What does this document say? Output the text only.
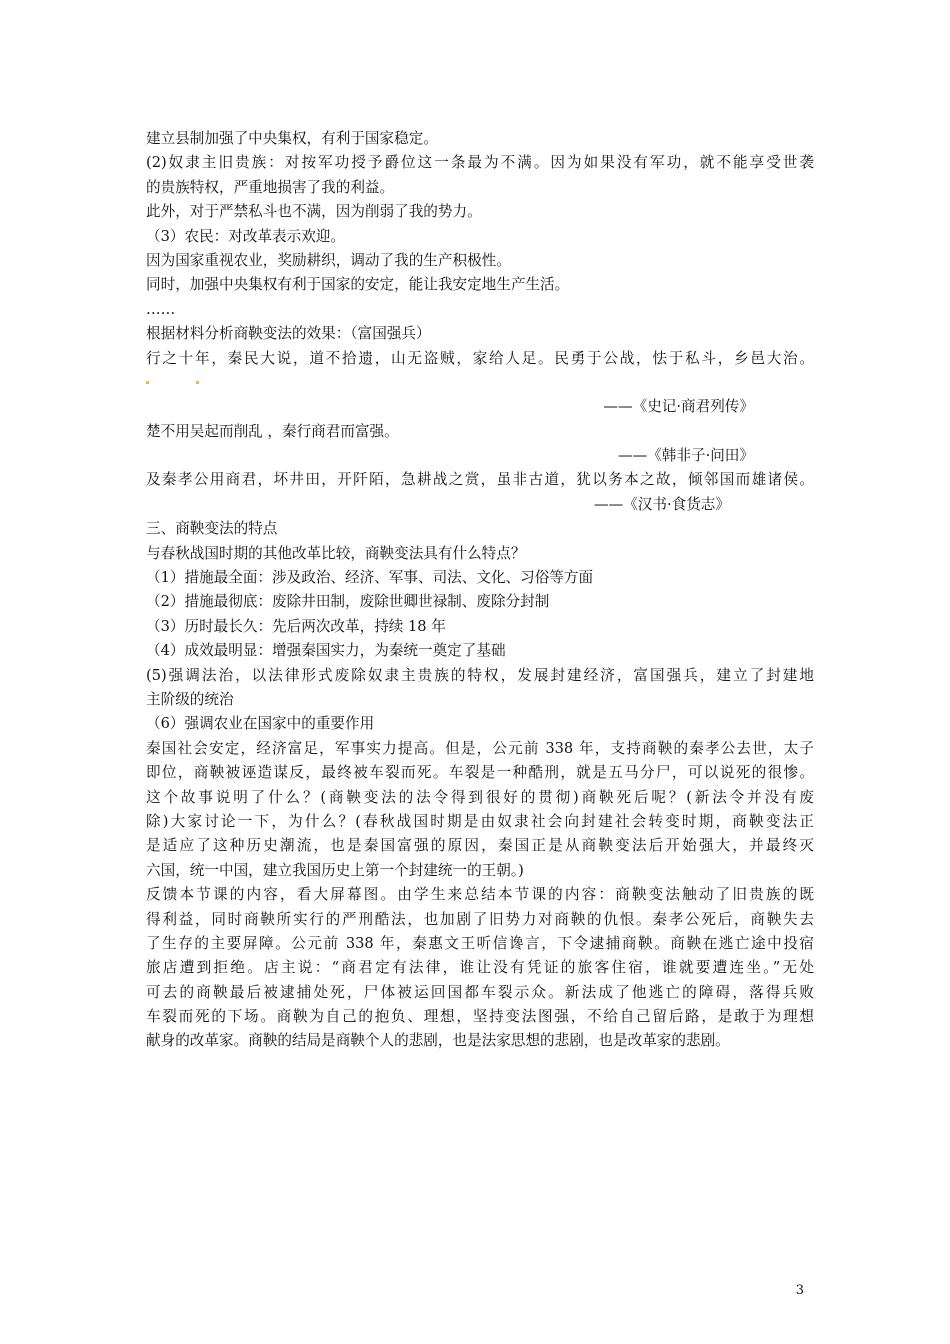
建立县制加强了中央集权，有利于国家稳定。
(2)奴隶主旧贵族：对按军功授予爵位这一条最为不满。因为如果没有军功，就不能享受世袭
的贵族特权，严重地损害了我的利益。
此外，对于严禁私斗也不满，因为削弱了我的势力。
（3）农民：对改革表示欢迎。
因为国家重视农业，奖励耕织，调动了我的生产积极性。
同时，加强中央集权有利于国家的安定，能让我安定地生产生活。
……
根据材料分析商鞅变法的效果：（富国强兵）
行之十年，秦民大说，道不拾遗，山无盗贼，家给人足。民勇于公战，怯于私斗，乡邑大治。
——《史记·商君列传》
楚不用吴起而削乱 ，秦行商君而富强。
——《韩非子·问田》
及秦孝公用商君，坏井田，开阡陌，急耕战之赏，虽非古道，犹以务本之故，倾邻国而雄诸侯。
——《汉书·食货志》
三、商鞅变法的特点
与春秋战国时期的其他改革比较，商鞅变法具有什么特点？
（1）措施最全面：涉及政治、经济、军事、司法、文化、习俗等方面
（2）措施最彻底：废除井田制，废除世卿世禄制、废除分封制
（3）历时最长久：先后两次改革，持续 18 年
（4）成效最明显：增强秦国实力，为秦统一奠定了基础
(5)强调法治，以法律形式废除奴隶主贵族的特权，发展封建经济，富国强兵，建立了封建地
主阶级的统治
（6）强调农业在国家中的重要作用
秦国社会安定，经济富足，军事实力提高。但是，公元前 338 年，支持商鞅的秦孝公去世，太子
即位，商鞅被诬造谋反，最终被车裂而死。车裂是一种酷刑，就是五马分尸，可以说死的很惨。
这个故事说明了什么？(商鞅变法的法令得到很好的贯彻)商鞅死后呢？(新法令并没有废
除)大家讨论一下，为什么？(春秋战国时期是由奴隶社会向封建社会转变时期，商鞅变法正
是适应了这种历史潮流，也是秦国富强的原因，秦国正是从商鞅变法后开始强大，并最终灭
六国，统一中国，建立我国历史上第一个封建统一的王朝。)
反馈本节课的内容，看大屏幕图。由学生来总结本节课的内容：商鞅变法触动了旧贵族的既
得利益，同时商鞅所实行的严刑酷法，也加剧了旧势力对商鞅的仇恨。秦孝公死后，商鞅失去
了生存的主要屏障。公元前 338 年，秦惠文王听信谗言，下令逮捕商鞅。商鞅在逃亡途中投宿
旅店遭到拒绝。店主说：“商君定有法律，谁让没有凭证的旅客住宿，谁就要遭连坐。”无处
可去的商鞅最后被逮捕处死，尸体被运回国都车裂示众。新法成了他逃亡的障碍，落得兵败
车裂而死的下场。商鞅为自己的抱负、理想，坚持变法图强，不给自己留后路，是敢于为理想
献身的改革家。商鞅的结局是商鞅个人的悲剧，也是法家思想的悲剧，也是改革家的悲剧。
3
